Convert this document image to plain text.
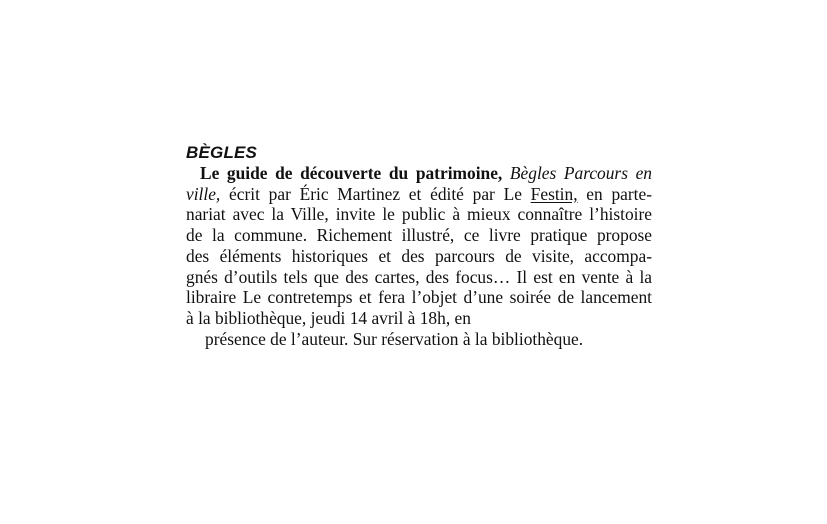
BÈGLES
Le guide de découverte du patrimoine, Bègles Parcours en
ville, écrit par Éric Martinez et édité par Le Festin, en parte-
nariat avec la Ville, invite le public à mieux connaître l’histoire
de la commune. Richement illustré, ce livre pratique propose
des éléments historiques et des parcours de visite, accompa-
gnés d’outils tels que des cartes, des focus… Il est en vente à la
libraire Le contretemps et fera l’objet d’une soirée de lancement
à la bibliothèque, jeudi 14 avril à 18h, en
présence de l’auteur. Sur réservation à la bibliothèque.
